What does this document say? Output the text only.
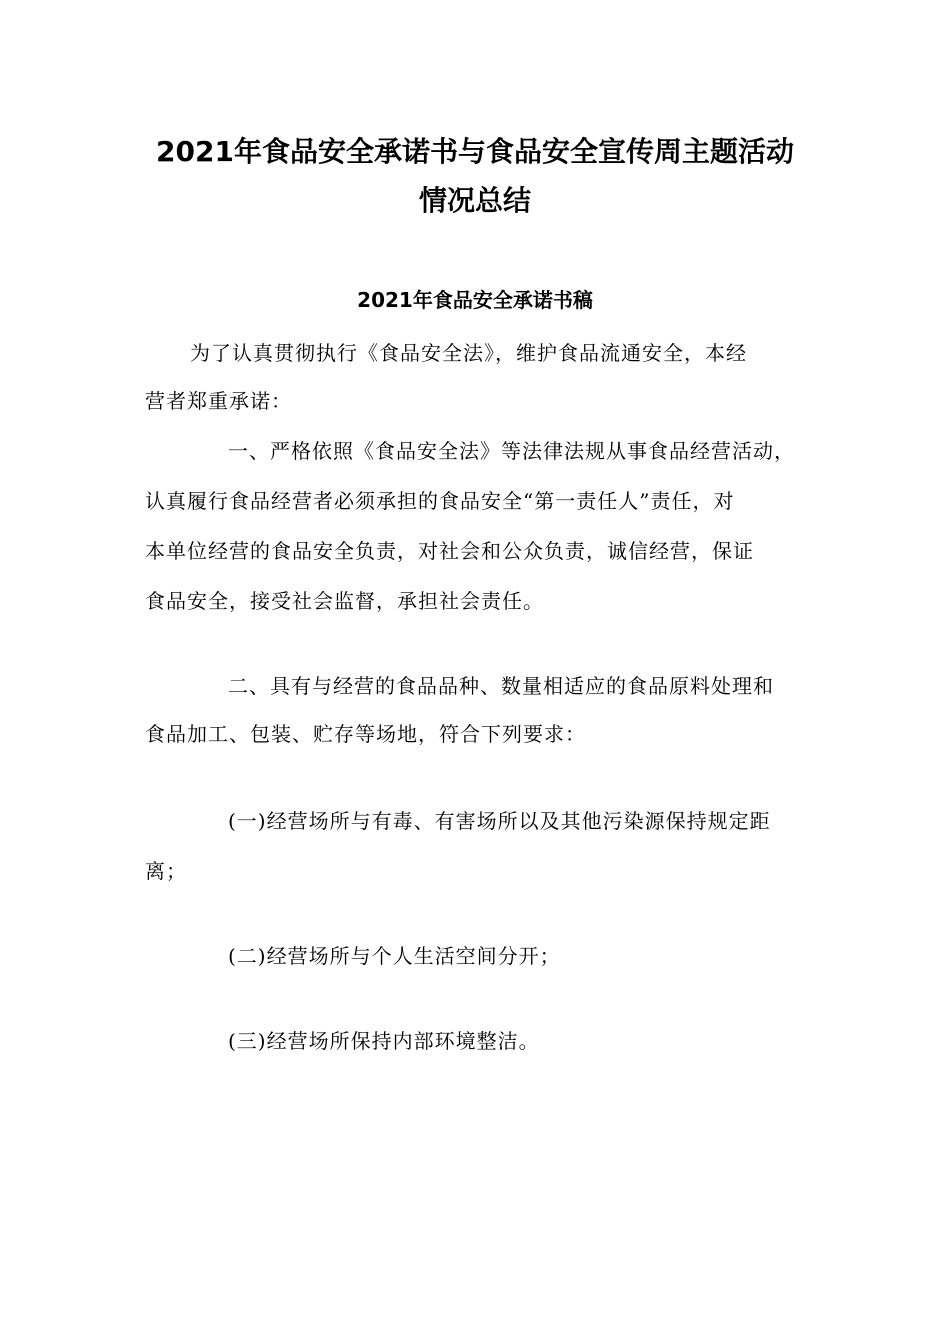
2021年食品安全承诺书与食品安全宣传周主题活动
情况总结
2021年食品安全承诺书稿
为了认真贯彻执行《食品安全法》，维护食品流通安全，本经
营者郑重承诺：
一、严格依照《食品安全法》等法律法规从事食品经营活动，
认真履行食品经营者必须承担的食品安全“第一责任人”责任，对
本单位经营的食品安全负责，对社会和公众负责，诚信经营，保证
食品安全，接受社会监督，承担社会责任。
二、具有与经营的食品品种、数量相适应的食品原料处理和
食品加工、包装、贮存等场地，符合下列要求：
(一)经营场所与有毒、有害场所以及其他污染源保持规定距
离；
(二)经营场所与个人生活空间分开；
(三)经营场所保持内部环境整洁。
